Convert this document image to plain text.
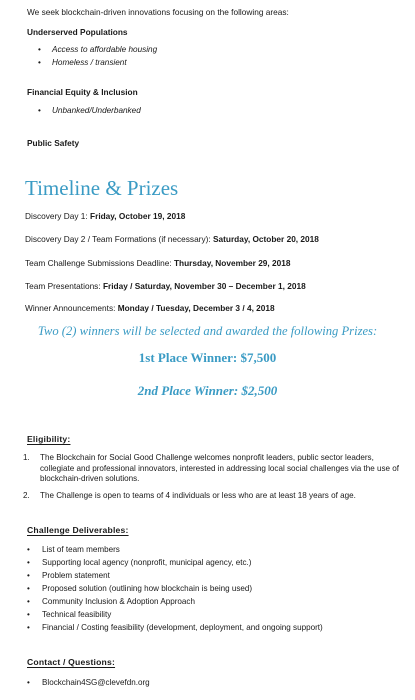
We seek blockchain-driven innovations focusing on the following areas:
Underserved Populations
• Access to affordable housing
• Homeless / transient
Financial Equity & Inclusion
• Unbanked/Underbanked
Public Safety
Timeline & Prizes
Discovery Day 1: Friday, October 19, 2018
Discovery Day 2 / Team Formations (if necessary): Saturday, October 20, 2018
Team Challenge Submissions Deadline: Thursday, November 29, 2018
Team Presentations: Friday / Saturday, November 30 – December 1, 2018
Winner Announcements: Monday / Tuesday, December 3 / 4, 2018
Two (2) winners will be selected and awarded the following Prizes:
1st Place Winner: $7,500
2nd Place Winner: $2,500
Eligibility:
1. The Blockchain for Social Good Challenge welcomes nonprofit leaders, public sector leaders, collegiate and professional innovators, interested in addressing local social challenges via the use of blockchain-driven solutions.
2. The Challenge is open to teams of 4 individuals or less who are at least 18 years of age.
Challenge Deliverables:
• List of team members
• Supporting local agency (nonprofit, municipal agency, etc.)
• Problem statement
• Proposed solution (outlining how blockchain is being used)
• Community Inclusion & Adoption Approach
• Technical feasibility
• Financial / Costing feasibility (development, deployment, and ongoing support)
Contact / Questions:
• Blockchain4SG@clevefdn.org
